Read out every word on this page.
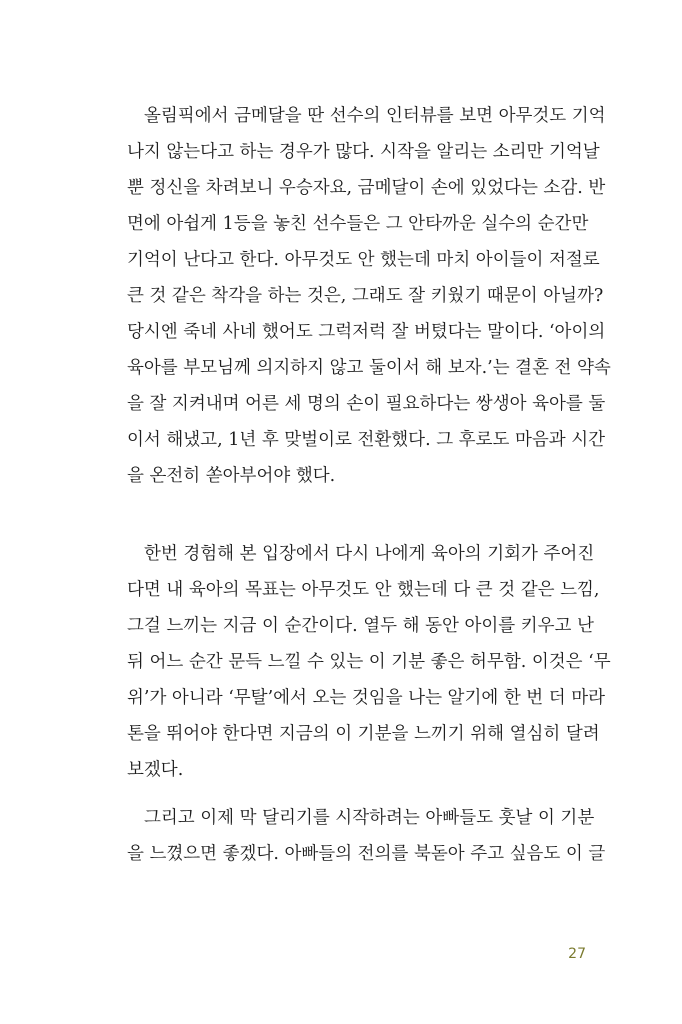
올림픽에서 금메달을 딴 선수의 인터뷰를 보면 아무것도 기억
나지 않는다고 하는 경우가 많다. 시작을 알리는 소리만 기억날
뿐 정신을 차려보니 우승자요, 금메달이 손에 있었다는 소감. 반
면에 아쉽게 1등을 놓친 선수들은 그 안타까운 실수의 순간만
기억이 난다고 한다. 아무것도 안 했는데 마치 아이들이 저절로
큰 것 같은 착각을 하는 것은, 그래도 잘 키웠기 때문이 아닐까?
당시엔 죽네 사네 했어도 그럭저럭 잘 버텼다는 말이다. ‘아이의
육아를 부모님께 의지하지 않고 둘이서 해 보자.’는 결혼 전 약속
을 잘 지켜내며 어른 세 명의 손이 필요하다는 쌍생아 육아를 둘
이서 해냈고, 1년 후 맞벌이로 전환했다. 그 후로도 마음과 시간
을 온전히 쏟아부어야 했다.
한번 경험해 본 입장에서 다시 나에게 육아의 기회가 주어진
다면 내 육아의 목표는 아무것도 안 했는데 다 큰 것 같은 느낌,
그걸 느끼는 지금 이 순간이다. 열두 해 동안 아이를 키우고 난
뒤 어느 순간 문득 느낄 수 있는 이 기분 좋은 허무함. 이것은 ‘무
위’가 아니라 ‘무탈’에서 오는 것임을 나는 알기에 한 번 더 마라
톤을 뛰어야 한다면 지금의 이 기분을 느끼기 위해 열심히 달려
보겠다.
그리고 이제 막 달리기를 시작하려는 아빠들도 훗날 이 기분
을 느꼈으면 좋겠다. 아빠들의 전의를 북돋아 주고 싶음도 이 글
27
